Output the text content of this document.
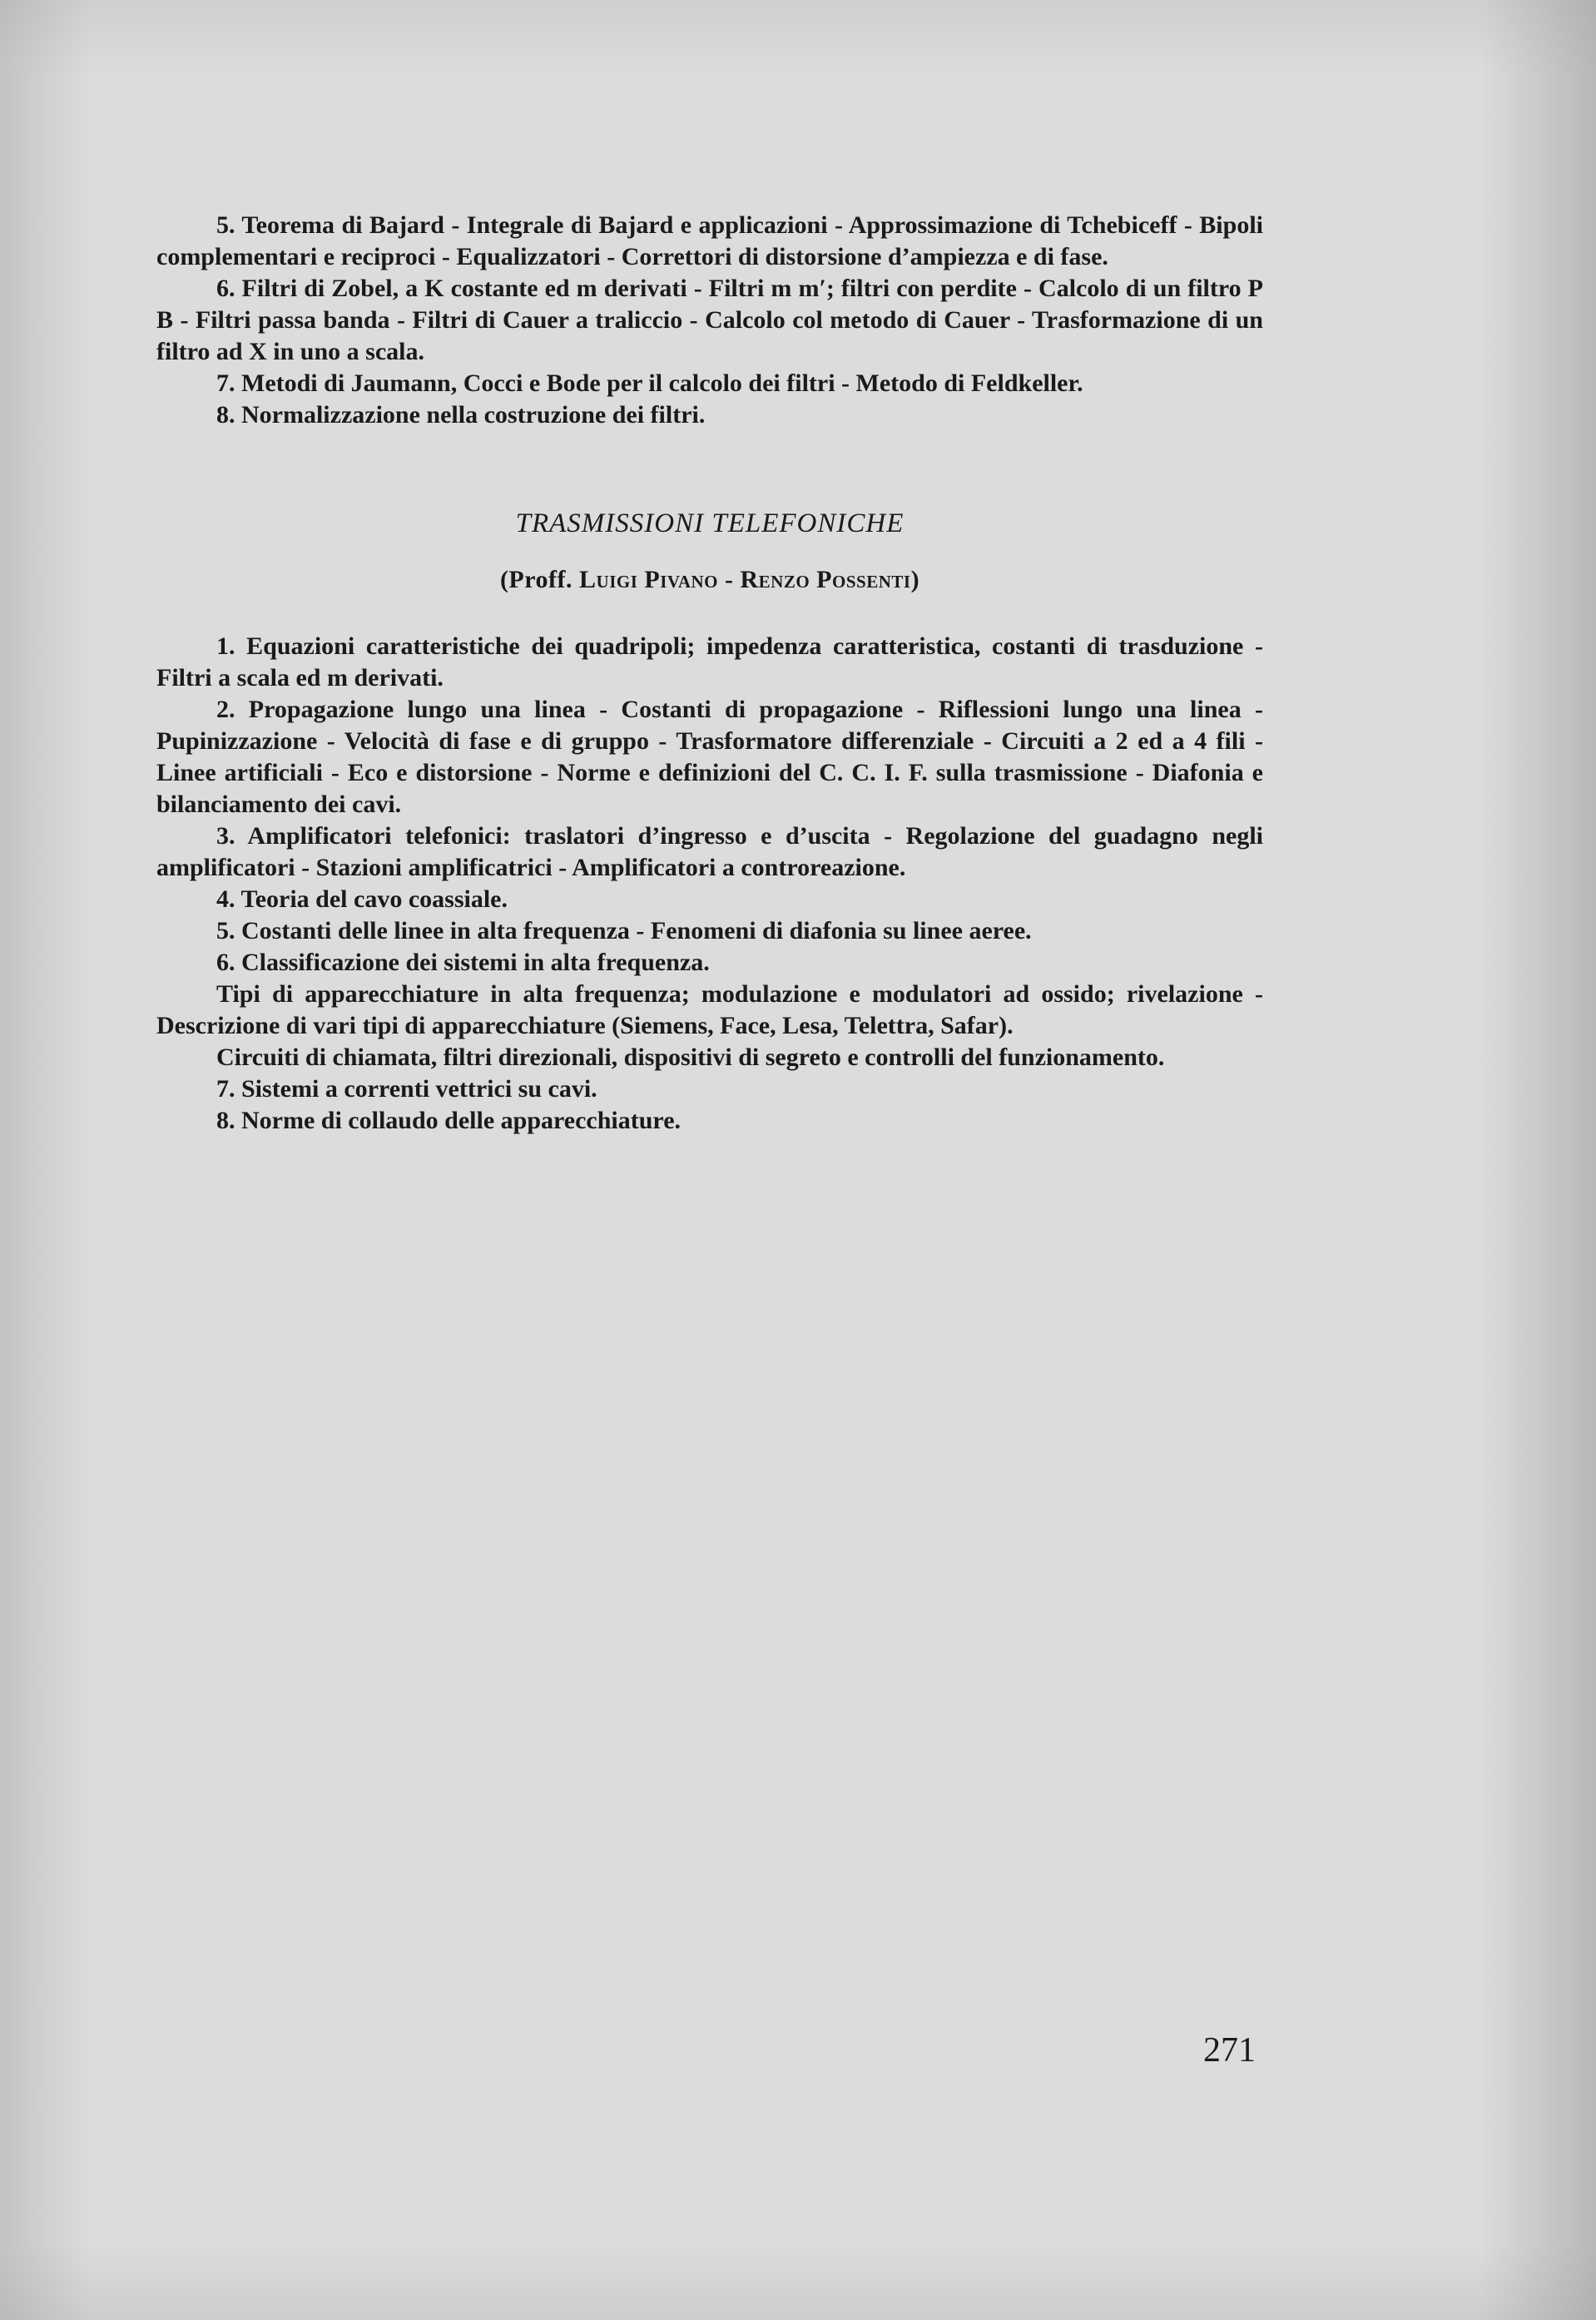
5. Teorema di Bajard - Integrale di Bajard e applicazioni - Approssimazione di Tchebiceff - Bipoli complementari e reciproci - Equalizzatori - Correttori di distorsione d’ampiezza e di fase.

6. Filtri di Zobel, a K costante ed m derivati - Filtri m m′; filtri con perdite - Calcolo di un filtro P B - Filtri passa banda - Filtri di Cauer a traliccio - Calcolo col metodo di Cauer - Trasformazione di un filtro ad X in uno a scala.

7. Metodi di Jaumann, Cocci e Bode per il calcolo dei filtri - Metodo di Feldkeller.

8. Normalizzazione nella costruzione dei filtri.

TRASMISSIONI TELEFONICHE
(Proff. Luigi Pivano - Renzo Possenti)

1. Equazioni caratteristiche dei quadripoli; impedenza caratteristica, costanti di trasduzione - Filtri a scala ed m derivati.

2. Propagazione lungo una linea - Costanti di propagazione - Riflessioni lungo una linea - Pupinizzazione - Velocità di fase e di gruppo - Trasformatore differenziale - Circuiti a 2 ed a 4 fili - Linee artificiali - Eco e distorsione - Norme e definizioni del C. C. I. F. sulla trasmissione - Diafonia e bilanciamento dei cavi.

3. Amplificatori telefonici: traslatori d’ingresso e d’uscita - Regolazione del guadagno negli amplificatori - Stazioni amplificatrici - Amplificatori a controreazione.

4. Teoria del cavo coassiale.

5. Costanti delle linee in alta frequenza - Fenomeni di diafonia su linee aeree.

6. Classificazione dei sistemi in alta frequenza.

Tipi di apparecchiature in alta frequenza; modulazione e modulatori ad ossido; rivelazione - Descrizione di vari tipi di apparecchiature (Siemens, Face, Lesa, Telettra, Safar).

Circuiti di chiamata, filtri direzionali, dispositivi di segreto e controlli del funzionamento.

7. Sistemi a correnti vettrici su cavi.

8. Norme di collaudo delle apparecchiature.

271
